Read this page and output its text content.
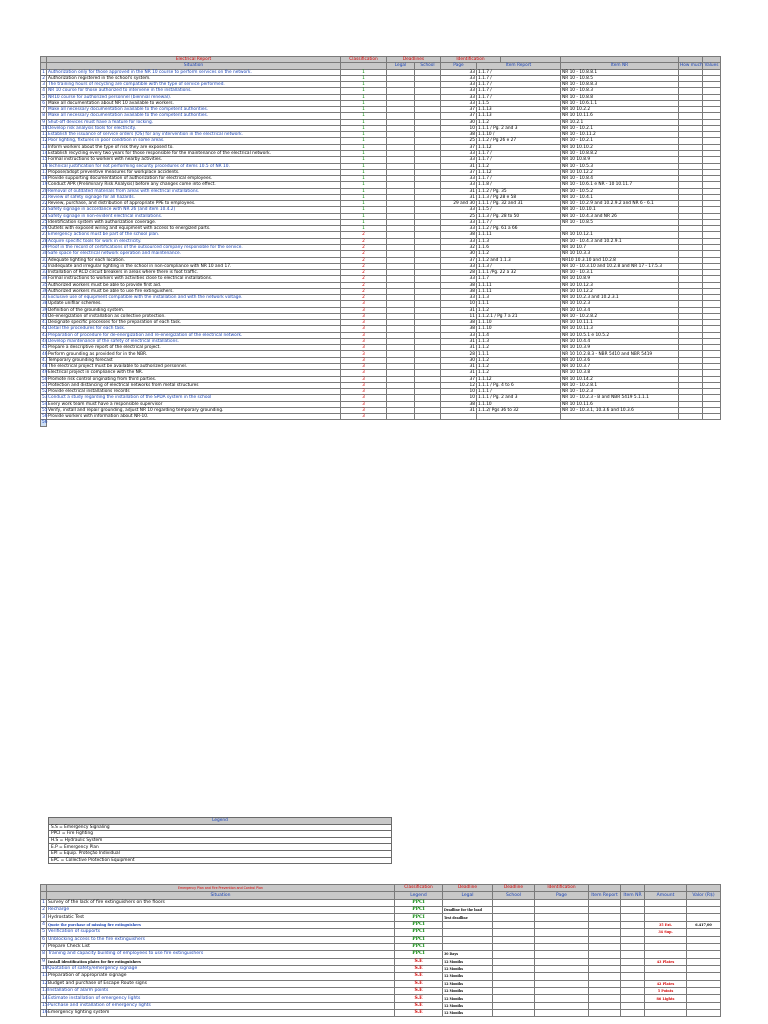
	Electrical Report	Classification	Deadlines		Identification					
	Situation		Legal	School	Page	Item Report		Item NR	How much	Values
1	Authorization only for those approved in the NR 10 course to perform services on the network.	1			33	1.1.7 /		NR 10 - 10.8.8.1		
2	Authorization registered in the school's system.	1			33	1.1.7 /		NR 10 - 10.8.5		
3	The training hours of recycling are compatible with the type of service performed.	1			33	1.1.7 /		NR 10 - 10.8.8.3		
4	NR 10 course for those authorized to intervene in the installations.	1			33	1.1.7 /		NR 10 - 10.8.3		
5	NR10 course for authorized personnel (biennial renewal).	1			33	1.1.7 /		NR 10 - 10.8.8		
6	Make all documentation about NR 10 available to workers.	1			33	1.1.5		NR 10 - 10.6.1.1		
7	Make all necessary documentation available to the competent authorities.	1			37	1.1.13		NR 10 10.2.2		
8	Make all necessary documentation available to the competent authorities.	1			37	1.1.13		NR 10 10.11.6		
9	Shut-off devices must have a feature for locking.	1			30	1.1.2		NR 10.2.1		
10	Develop risk analysis tools for electricity.	1			10	1.1.1 / Pg. 2 and 3		NR 10 - 10.2.1		
11	Establish the issuance of service orders (OS) for any intervention in the electrical network.	1			38	1.1.10 /		NR 10 - 10.11.2		
12	Poor lighting, fixtures in poor condition in some areas.	1			25	1.1.2 / Pg 26 e 27		NR 10 - 10.2.1		
13	Inform workers about the type of risk they are exposed to.	1			37	1.1.12		NR 10 10.10.2		
14	Establish recycling every two years for those responsible for the maintenance of the electrical network.	1			33	1.1.7 /		NR 10 - 10.8.8.2		
15	Formal instructions to workers with nearby activities.	1			33	1.1.7 /		NR 10 10.8.9		
16	Technical justification for not performing security procedures of items 10.5 of NR 10.	1			31	1.1.2		NR 10 - 10.5.3		
17	Propose/adopt preventive measures for workplace accidents.	1			37	1.1.12		NR 10 10.12.2		
18	Provide supporting documentation of authorization for electrical employees.	1			33	1.1.7 /		NR 10 - 10.8.4		
19	Conduct APR (Preliminary Risk Analysis) before any changes come into effect.	1			33	1.1.8 /		NR 10 - 10.6.1 e NR - 10 10.11.7		
20	Removal of outdated materials from areas with electrical installations.	1			31	1.1.2 / Pg. 35		NR 10 - 10.5.2		
21	Review of safety signage for all hazards.	1			31	1.1.3 / Pg 28 e 58		NR 10 - 10.4.1		
22	Review, purchase, and distribution of appropriate PPE to employees.	1			29 and 30	1.1.1 / Pg. 32 and 31		NR 10 - 10.2.9 and 10.2.9.2 and NR 6 - 6.1		
23	Safety signage in accordance with NR 26 (and item 10.4.2)	1			33	1.1.5 /		NR 10 - 10.10.1		
24	Safety signage in non-evident electrical installations.	1			25	1.1.3 / Pg. 28 to 50		NR 10 - 10.4.3 and NR 26		
25	Identification system with authorization coverage.	1			33	1.1.7 /		NR 10 - 10.8.5		
26	Outlets with exposed wiring and equipment with access to energized parts.	1			33	1.1.2 / Pg. 61 a 66				
27	Emergency actions must be part of the school plan.	2			38	1.1.11		NR 10 10.12.1		
28	Acquire specific tools for work in electricity.	2			33	1.1.3		NR 10 - 10.4.3 and 10.2.9.1		
29	Proof in the record of certifications of the outsourced company responsible for the service.	2			32	1.1.6		NR 10 10.7		
30	Safe space for electrical network operation and maintenance.	2			30	1.1.2		NR 10 10.3.3		
31	Adequate lighting for each location.	2			37	1.1.2 and 1.1.3		NR10 10.3.10 and 10.2.8		
32	Inadequate and irregular lighting in the school in non-compliance with NR 10 and 17.	2			33	1.1.3 /		NR 10 - 10.3.10 and 10.2.8 and NR 17 - 17.5.3		
33	Installation of RCD circuit breakers in areas where there is foot traffic.	2			28	1.1.1 /Pg. 22 a 32		NR 10 - 10.3.1		
34	Formal instructions to workers with activities close to electrical installations.	2			33	1.1.7		NR 10 10.8.9		
35	Authorized workers must be able to provide first aid.	2			38	1.1.11		NR 10 10.12.3		
36	Authorized workers must be able to use fire extinguishers.	2			38	1.1.11		NR 10 10.12.2		
37	Exclusive use of equipment compatible with the installation and with the network voltage.	2			33	1.1.3		NR 10 10.2.3 and 10.2.3.1		
38	Update unifilar schemes.	3			10	1.1.1		NR 10 10.2.3		
39	Definition of the grounding system.	3			31	1.1.2		NR 10 10.3.4		
40	De-energization of installation as collective protection.	3			11	1.1.2.1 / Pg 7 a 21		NR 10 - 10.2.8.2		
41	Designate specific processes for the preparation of each task.	3			38	1.1.10		NR 10 10.11.1		
42	Detail the procedures for each task.	3			38	1.1.10		NR 10 10.11.3		
43	Preparation of procedure for de-energization and re-energization of the electrical network.	3			33	1.1.4		NR 10 10.5.1 e 10.5.2		
44	Develop maintenance of the safety of electrical installations.	3			31	1.1.3		NR 10 10.4.4		
45	Prepare a descriptive report of the electrical project.	3			31	1.1.2		NR 10 10.3.9		
46	Perform grounding as provided for in the NBR.	3			28	1.1.1		NR 10 10.2.8.3 - NBR 5410 and NBR 5419		
47	Temporary grounding forecast	3			30	1.1.2		NR 10 10.3.6		
48	The electrical project must be available to authorized personnel.	3			31	1.1.2		NR 10 10.3.7		
49	Electrical project in compliance with the NR.	3			31	1.1.2		NR 10 10.3.8		
50	Promote risk control originating from third parties.	3			37	1.1.12		NR 10 10.14.2		
51	Protection and distancing of electrical networks from metal structures	3			12	1.1.1 / Pg. 4 to 6		NR 10 - 10.2.8.1		
52	Provide electrical installations records	3			10	1.1.1 /		NR 10 - 10.2.3		
53	Conduct a study regarding the installation of the SPDA system in the school	3			10	1.1.1 / Pg. 2 and 3		NR 10 - 10.2.3 - B and NBR 5419 5.1.1.1		
54	Every work team must have a responsible supervisor	3			38	1.1.10		NR 10 10.11.6		
55	Verify, install and repair grounding, adjust NR 10 regarding temporary grounding.	3			31	1.1.2/ Pgs 36 to 32		NR 10 - 10.3.1, 10.3.6 and 10.3.6		
56	Provide workers with information about NR-10.	3								
56										
Legend
S.S = Emergency Signaling
PPCI = Fire Fighting
H.S = Hydraulic System
E.P = Emergency Plan
EPI = Equip. Proteção Individual
EPC = Collective Protection Equipment
	Emergency Plan and Fire Prevention and Control Plan	Classification	Deadline	Deadline	Identification				
	Situation	Legend	Legal	School	Page	Item Report	Item NR	Amount	Valor (R$)
1	Survey of the lack of fire extinguishers on the floors	PPCI							
2	Recharge	PPCI	Deadline for the load						
3	Hydrostatic Test	PPCI	Test deadline						
4	Quote the purchase of missing fire extinguishers	PPCI						35 Ext.	6.417,00
5	Verification of supports	PPCI						34 Sup.	
6	Unblocking access to the fire extinguishers	PPCI							
7	Prepare Check List	PPCI							
8	Training and capacity building of employees to use fire extinguishers	PPCI	30 Days						
9	Install identification plates for fire extinguishers	S.E	12 Months					43 Plates	
10	Quotation of safety/emergency signage	S.E	12 Months						
11	Preparation of appropriate signage	S.E	12 Months						
12	Budget and purchase of Escape Route signs	S.E	12 Months					42 Plates	
13	Installation of alarm points	S.E	12 Months					5 Points	
14	Estimate installation of emergency lights	S.E	12 Months					86 Lights	
15	Purchase and installation of emergency lights	S.E	12 Months						
16	Emergency lighting system	S.E	12 Months						
